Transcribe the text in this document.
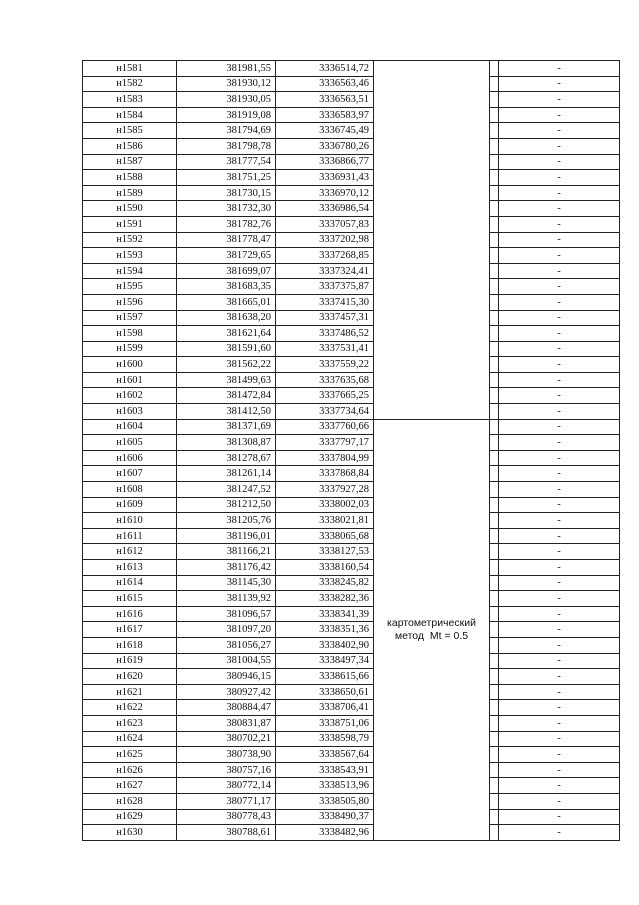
н1581	381981,55	3336514,72			-
н1582	381930,12	3336563,46			-
н1583	381930,05	3336563,51			-
н1584	381919,08	3336583,97			-
н1585	381794,69	3336745,49			-
н1586	381798,78	3336780,26			-
н1587	381777,54	3336866,77			-
н1588	381751,25	3336931,43			-
н1589	381730,15	3336970,12			-
н1590	381732,30	3336986,54			-
н1591	381782,76	3337057,83			-
н1592	381778,47	3337202,98			-
н1593	381729,65	3337268,85			-
н1594	381699,07	3337324,41			-
н1595	381683,35	3337375,87			-
н1596	381665,01	3337415,30			-
н1597	381638,20	3337457,31			-
н1598	381621,64	3337486,52			-
н1599	381591,60	3337531,41			-
н1600	381562,22	3337559,22			-
н1601	381499,63	3337635,68			-
н1602	381472,84	3337665,25			-
н1603	381412,50	3337734,64			-
н1604	381371,69	3337760,66	картометрический
метод  Mt = 0.5		-
н1605	381308,87	3337797,17			-
н1606	381278,67	3337804,99			-
н1607	381261,14	3337868,84			-
н1608	381247,52	3337927,28			-
н1609	381212,50	3338002,03			-
н1610	381205,76	3338021,81			-
н1611	381196,01	3338065,68			-
н1612	381166,21	3338127,53			-
н1613	381176,42	3338160,54			-
н1614	381145,30	3338245,82			-
н1615	381139,92	3338282,36			-
н1616	381096,57	3338341,39			-
н1617	381097,20	3338351,36			-
н1618	381056,27	3338402,90			-
н1619	381004,55	3338497,34			-
н1620	380946,15	3338615,66			-
н1621	380927,42	3338650,61			-
н1622	380884,47	3338706,41			-
н1623	380831,87	3338751,06			-
н1624	380702,21	3338598,79			-
н1625	380738,90	3338567,64			-
н1626	380757,16	3338543,91			-
н1627	380772,14	3338513,96			-
н1628	380771,17	3338505,80			-
н1629	380778,43	3338490,37			-
н1630	380788,61	3338482,96			-
